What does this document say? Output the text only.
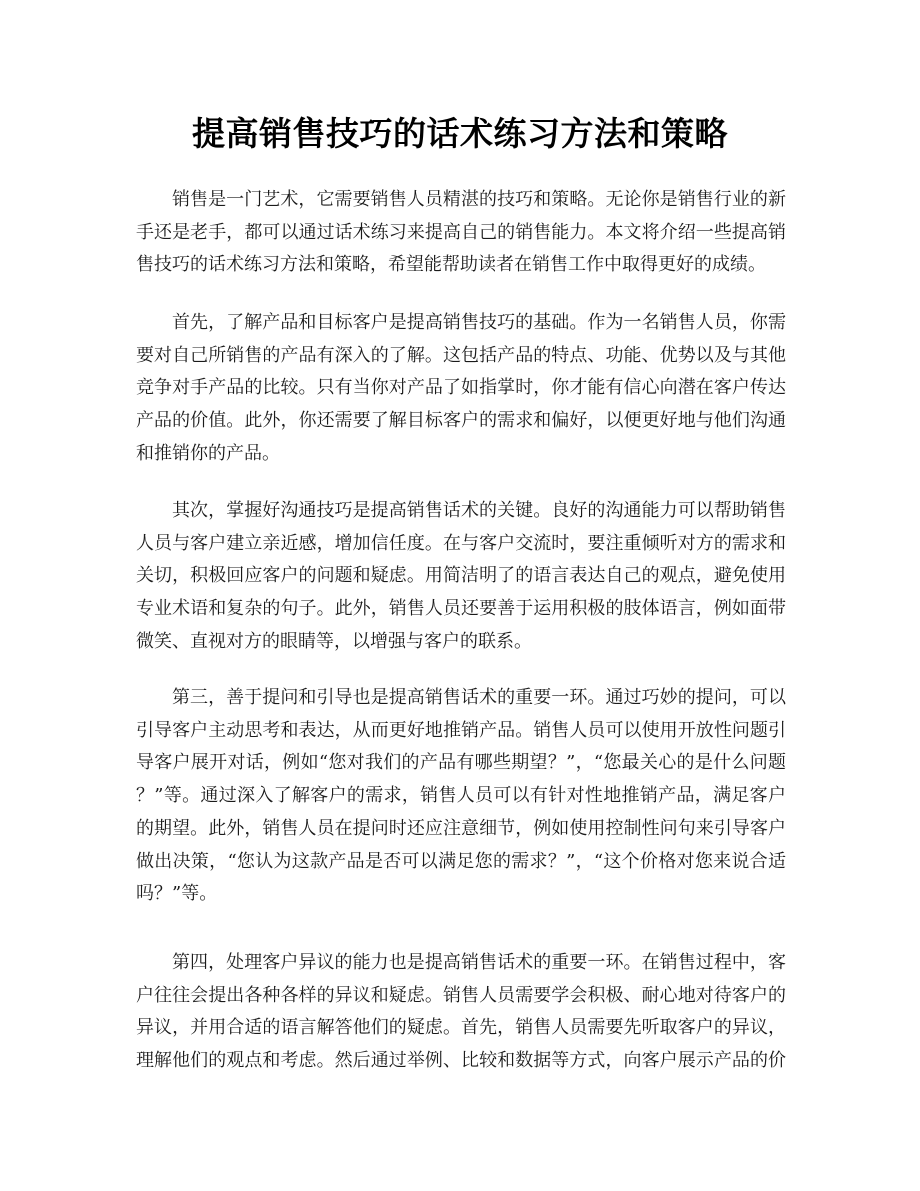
提高销售技巧的话术练习方法和策略
销售是一门艺术，它需要销售人员精湛的技巧和策略。无论你是销售行业的新
手还是老手，都可以通过话术练习来提高自己的销售能力。本文将介绍一些提高销
售技巧的话术练习方法和策略，希望能帮助读者在销售工作中取得更好的成绩。
首先，了解产品和目标客户是提高销售技巧的基础。作为一名销售人员，你需
要对自己所销售的产品有深入的了解。这包括产品的特点、功能、优势以及与其他
竞争对手产品的比较。只有当你对产品了如指掌时，你才能有信心向潜在客户传达
产品的价值。此外，你还需要了解目标客户的需求和偏好，以便更好地与他们沟通
和推销你的产品。
其次，掌握好沟通技巧是提高销售话术的关键。良好的沟通能力可以帮助销售
人员与客户建立亲近感，增加信任度。在与客户交流时，要注重倾听对方的需求和
关切，积极回应客户的问题和疑虑。用简洁明了的语言表达自己的观点，避免使用
专业术语和复杂的句子。此外，销售人员还要善于运用积极的肢体语言，例如面带
微笑、直视对方的眼睛等，以增强与客户的联系。
第三，善于提问和引导也是提高销售话术的重要一环。通过巧妙的提问，可以
引导客户主动思考和表达，从而更好地推销产品。销售人员可以使用开放性问题引
导客户展开对话，例如“您对我们的产品有哪些期望？”，“您最关心的是什么问题
？”等。通过深入了解客户的需求，销售人员可以有针对性地推销产品，满足客户
的期望。此外，销售人员在提问时还应注意细节，例如使用控制性问句来引导客户
做出决策，“您认为这款产品是否可以满足您的需求？”，“这个价格对您来说合适
吗？”等。
第四，处理客户异议的能力也是提高销售话术的重要一环。在销售过程中，客
户往往会提出各种各样的异议和疑虑。销售人员需要学会积极、耐心地对待客户的
异议，并用合适的语言解答他们的疑虑。首先，销售人员需要先听取客户的异议，
理解他们的观点和考虑。然后通过举例、比较和数据等方式，向客户展示产品的价
